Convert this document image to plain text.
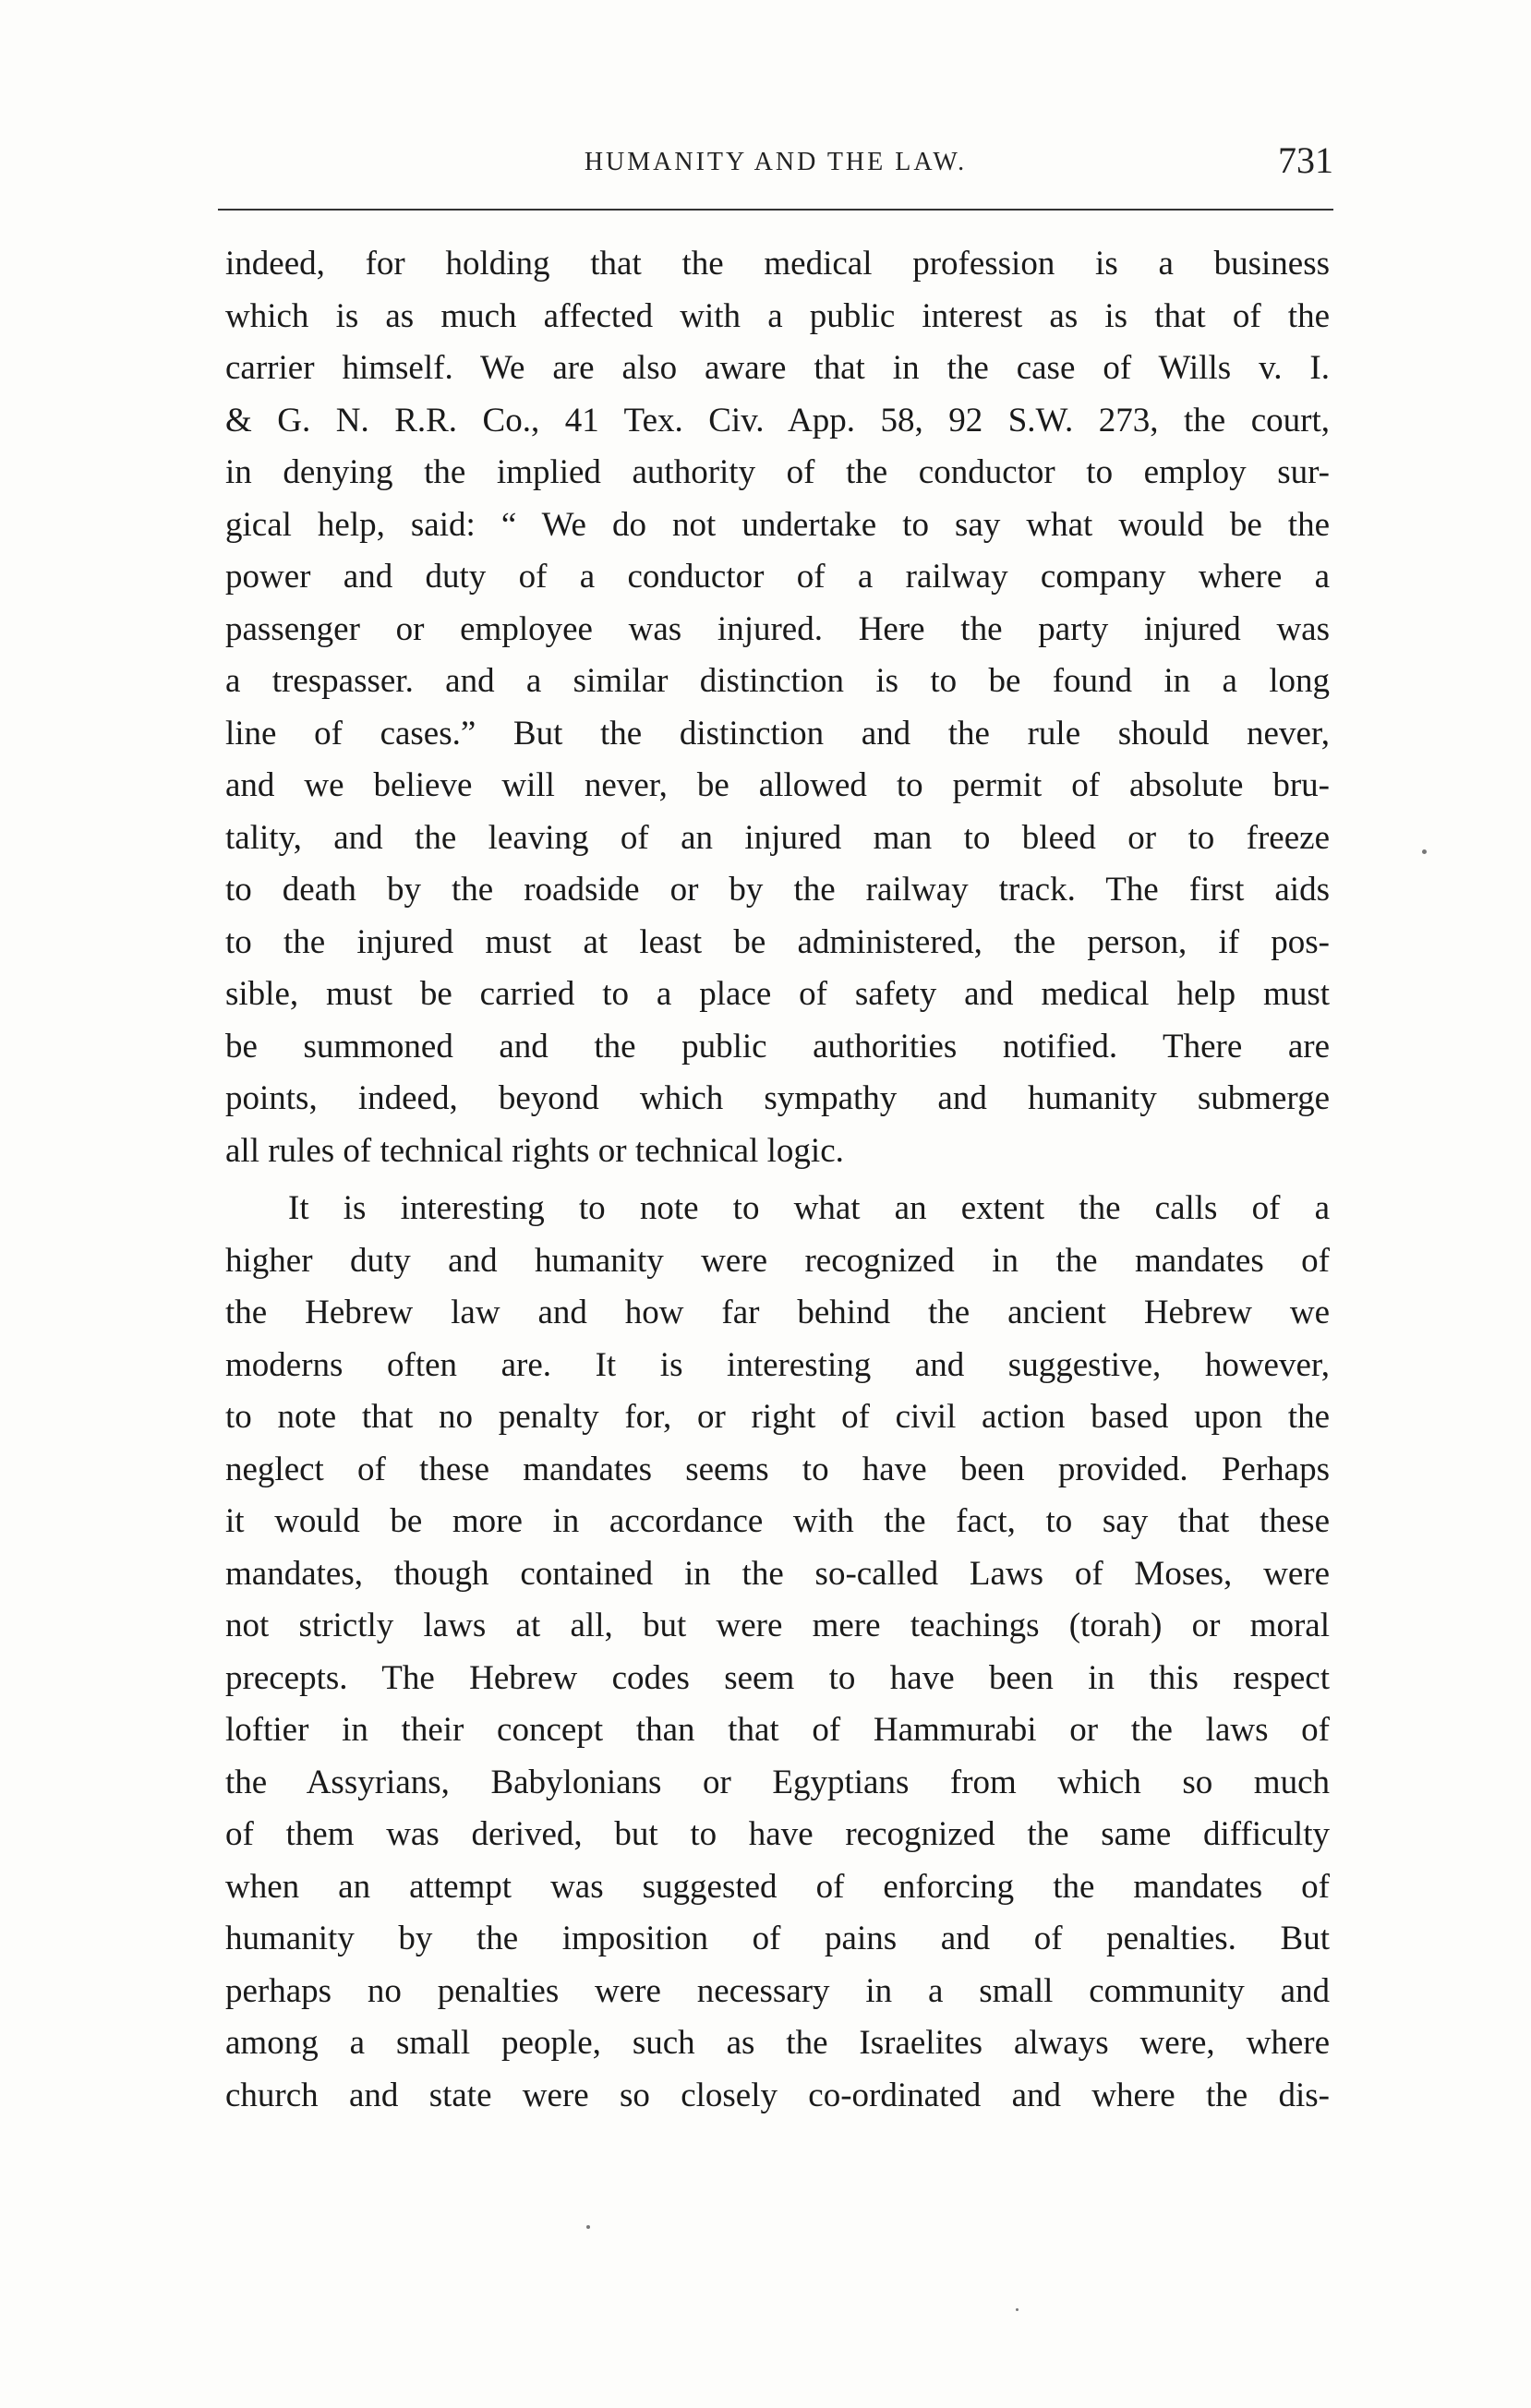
HUMANITY AND THE LAW.	731
indeed, for holding that the medical profession is a business
which is as much affected with a public interest as is that of the
carrier himself. We are also aware that in the case of Wills v. I.
& G. N. R.R. Co., 41 Tex. Civ. App. 58, 92 S.W. 273, the court,
in denying the implied authority of the conductor to employ sur-
gical help, said: “ We do not undertake to say what would be the
power and duty of a conductor of a railway company where a
passenger or employee was injured. Here the party injured was
a trespasser. and a similar distinction is to be found in a long
line of cases.” But the distinction and the rule should never,
and we believe will never, be allowed to permit of absolute bru-
tality, and the leaving of an injured man to bleed or to freeze
to death by the roadside or by the railway track. The first aids
to the injured must at least be administered, the person, if pos-
sible, must be carried to a place of safety and medical help must
be summoned and the public authorities notified. There are
points, indeed, beyond which sympathy and humanity submerge
all rules of technical rights or technical logic.
It is interesting to note to what an extent the calls of a
higher duty and humanity were recognized in the mandates of
the Hebrew law and how far behind the ancient Hebrew we
moderns often are. It is interesting and suggestive, however,
to note that no penalty for, or right of civil action based upon the
neglect of these mandates seems to have been provided. Perhaps
it would be more in accordance with the fact, to say that these
mandates, though contained in the so-called Laws of Moses, were
not strictly laws at all, but were mere teachings (torah) or moral
precepts. The Hebrew codes seem to have been in this respect
loftier in their concept than that of Hammurabi or the laws of
the Assyrians, Babylonians or Egyptians from which so much
of them was derived, but to have recognized the same difficulty
when an attempt was suggested of enforcing the mandates of
humanity by the imposition of pains and of penalties. But
perhaps no penalties were necessary in a small community and
among a small people, such as the Israelites always were, where
church and state were so closely co-ordinated and where the dis-
